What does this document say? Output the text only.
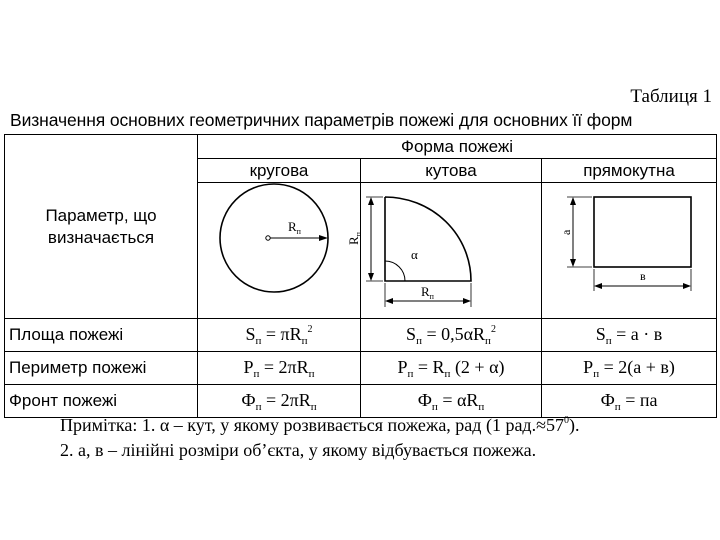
Таблиця 1
Визначення основних геометричних параметрів пожежі для основних її форм
Параметр, що визначається	Форма пожежі		
	кругова	кутова	прямокутна

$R_п$	α
$R_п$
$R_п$	а
в

Площа пожежі	$S_п = \pi R_п^2$	$S_п = 0,5\alpha R_п^2$	$S_п = а \cdot в$
Периметр пожежі	$Р_п = 2\pi R_п$	$Р_п = R_п$ (2 + α)	$Р_п = 2(а + в)$
Фронт пожежі	$Ф_п = 2\pi R_п$	$Ф_п = \alpha R_п$	$Ф_п$ = па
Примітка: 1. α – кут, у якому розвивається пожежа, рад (1 $рад.\approx 57^0$).
2. а, в – лінійні розміри об’єкта, у якому відбувається пожежа.
